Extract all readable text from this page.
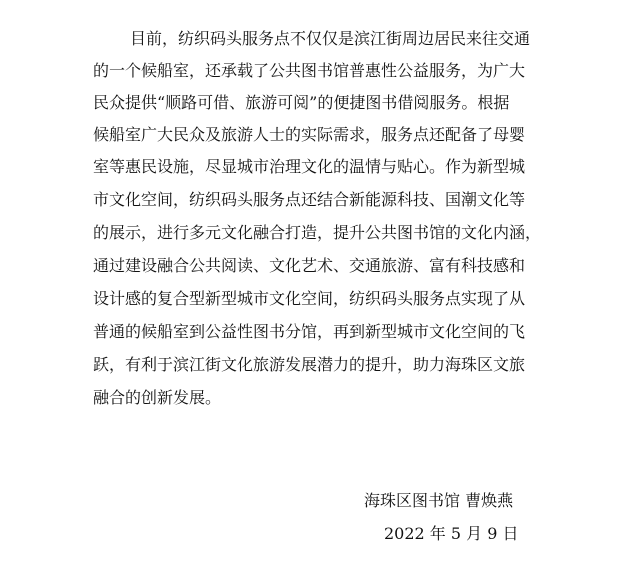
目前，纺织码头服务点不仅仅是滨江街周边居民来往交通
的一个候船室，还承载了公共图书馆普惠性公益服务，为广大
民众提供“顺路可借、旅游可阅”的便捷图书借阅服务。根据
候船室广大民众及旅游人士的实际需求，服务点还配备了母婴
室等惠民设施，尽显城市治理文化的温情与贴心。作为新型城
市文化空间，纺织码头服务点还结合新能源科技、国潮文化等
的展示，进行多元文化融合打造，提升公共图书馆的文化内涵，
通过建设融合公共阅读、文化艺术、交通旅游、富有科技感和
设计感的复合型新型城市文化空间，纺织码头服务点实现了从
普通的候船室到公益性图书分馆，再到新型城市文化空间的飞
跃，有利于滨江街文化旅游发展潜力的提升，助力海珠区文旅
融合的创新发展。
海珠区图书馆 曹焕燕
2022 年 5 月 9 日
